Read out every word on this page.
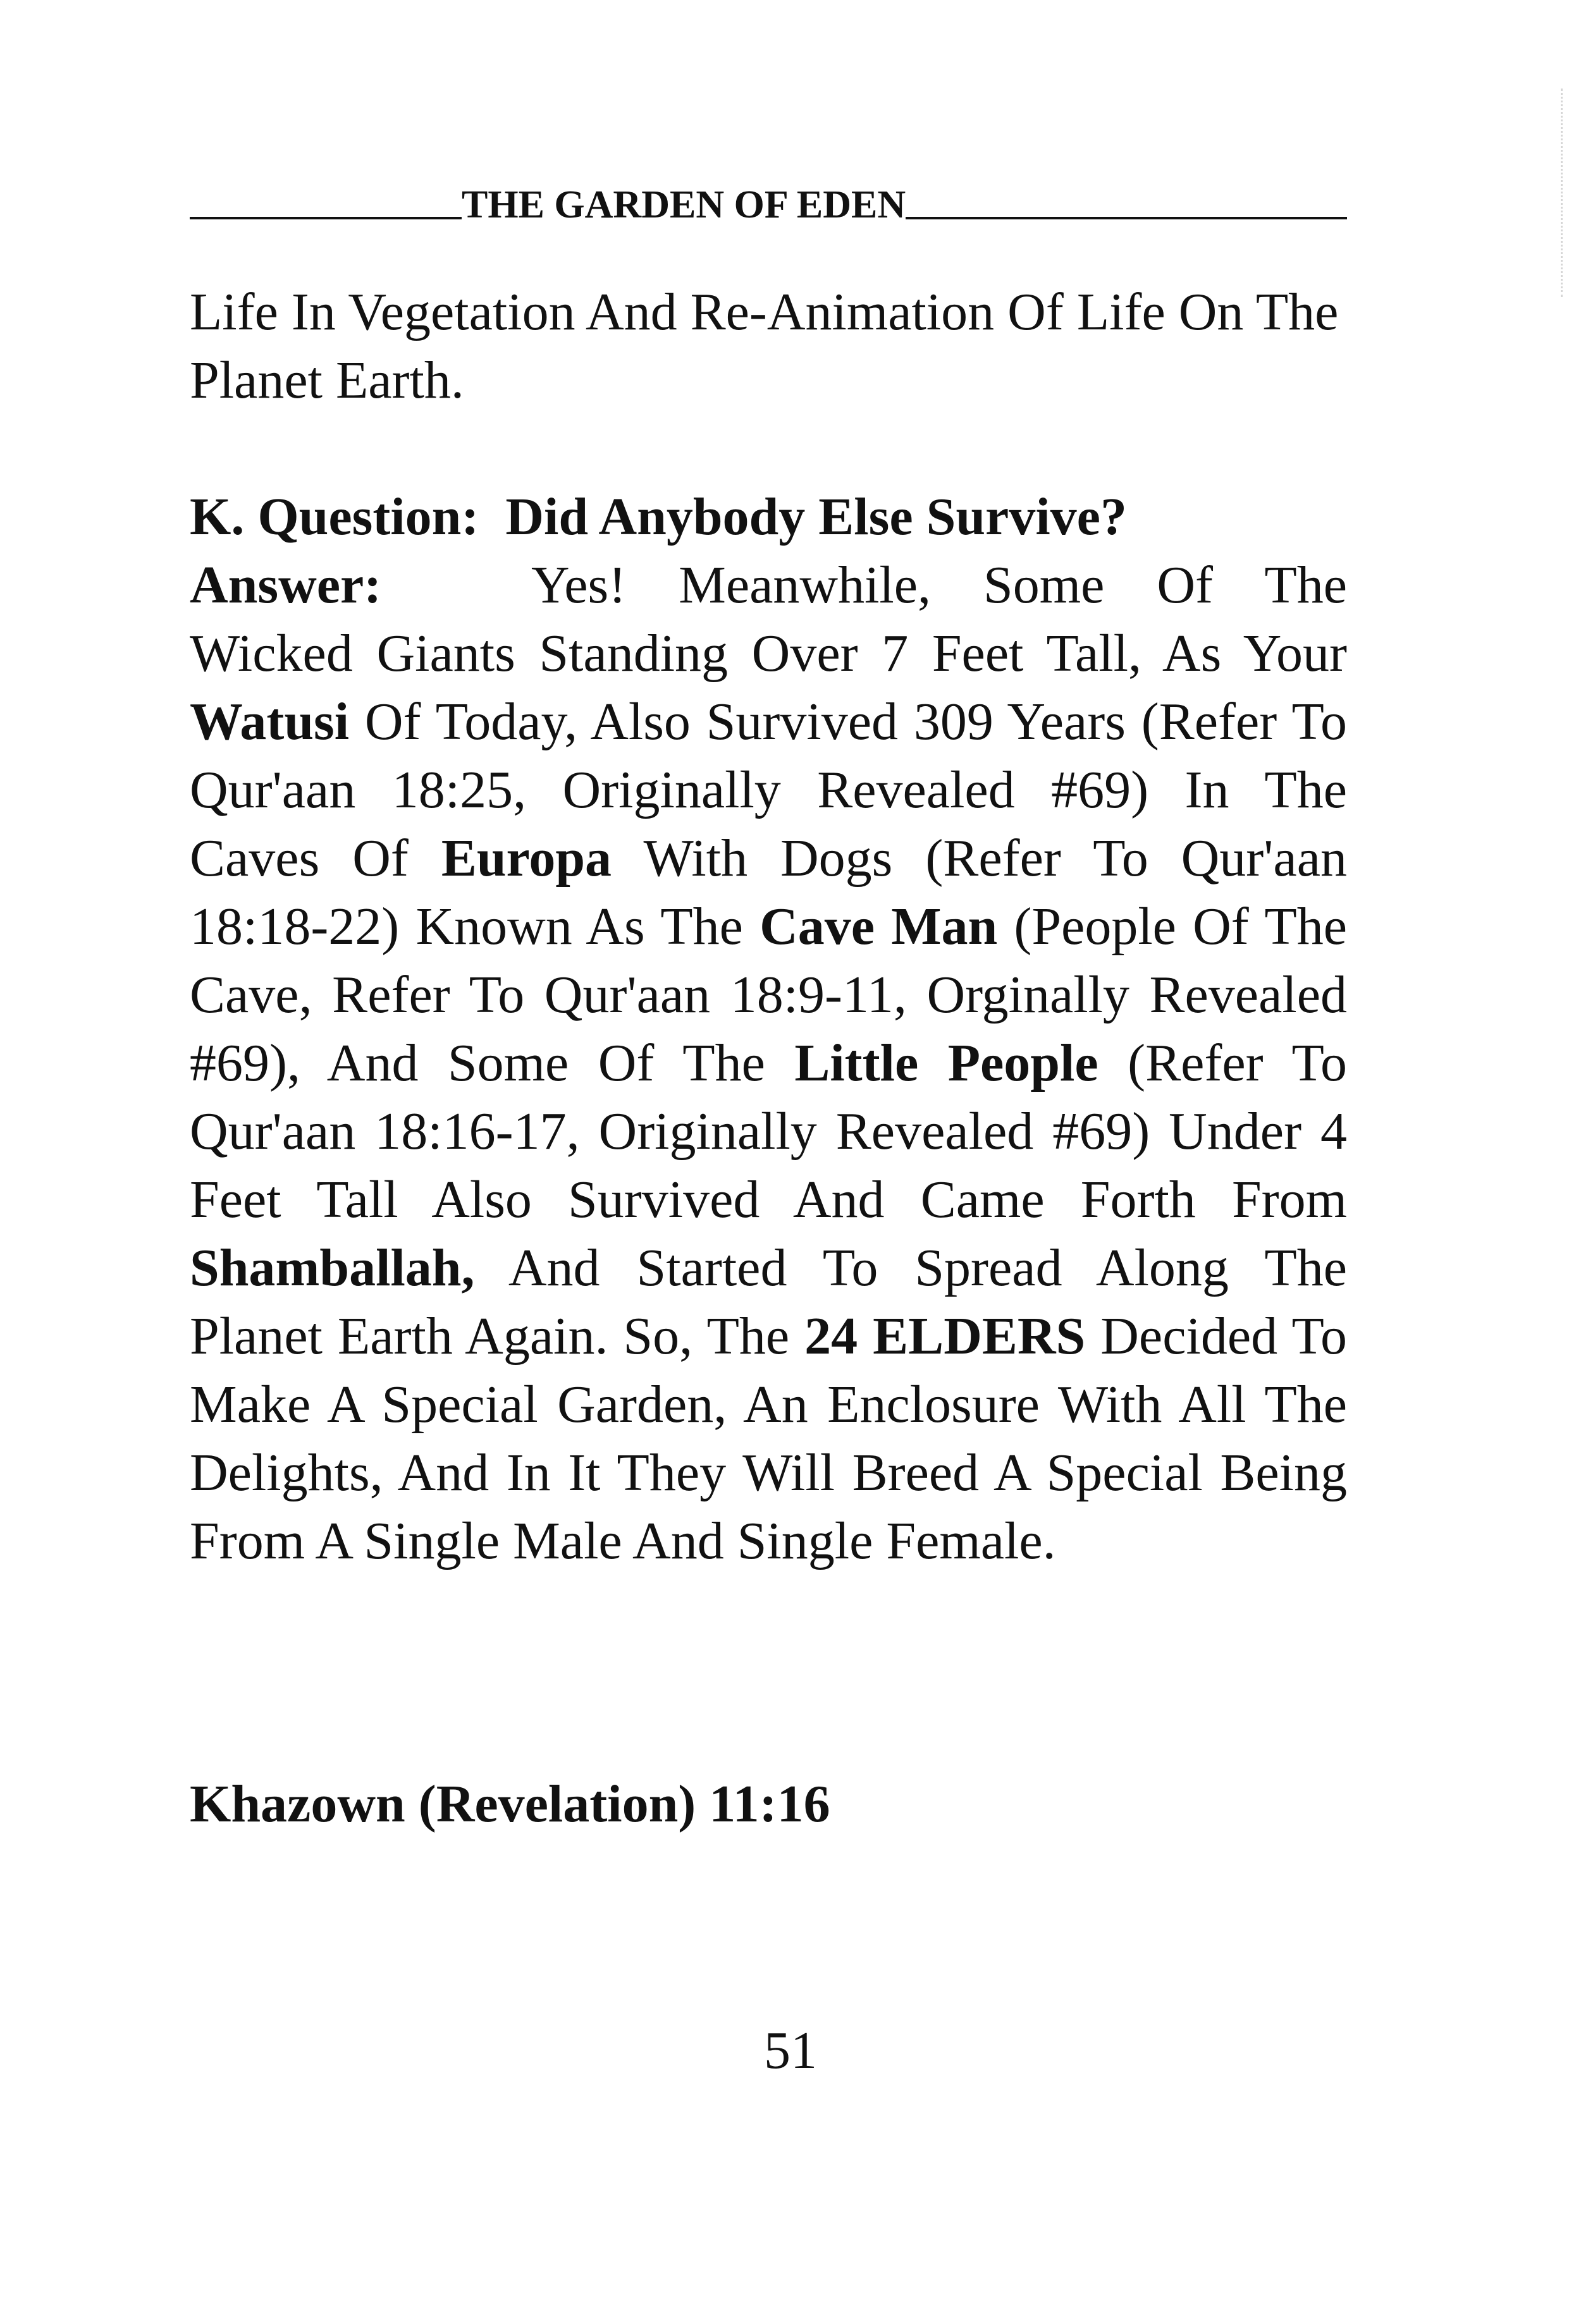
THE GARDEN OF EDEN

Life In Vegetation And Re-Animation Of Life On The Planet Earth.

K. Question: Did Anybody Else Survive?

Answer:	Yes! Meanwhile, Some Of The Wicked Giants Standing Over 7 Feet Tall, As Your Watusi Of Today, Also Survived 309 Years (Refer To Qur'aan 18:25, Originally Revealed #69) In The Caves Of Europa With Dogs (Refer To Qur'aan 18:18-22) Known As The Cave Man (People Of The Cave, Refer To Qur'aan 18:9-11, Orginally Revealed #69), And Some Of The Little People (Refer To Qur'aan 18:16-17, Originally Revealed #69) Under 4 Feet Tall Also Survived And Came Forth From Shamballah, And Started To Spread Along The Planet Earth Again. So, The 24 ELDERS Decided To Make A Special Garden, An Enclosure With All The Delights, And In It They Will Breed A Special Being From A Single Male And Single Female.

Khazown (Revelation) 11:16
51
